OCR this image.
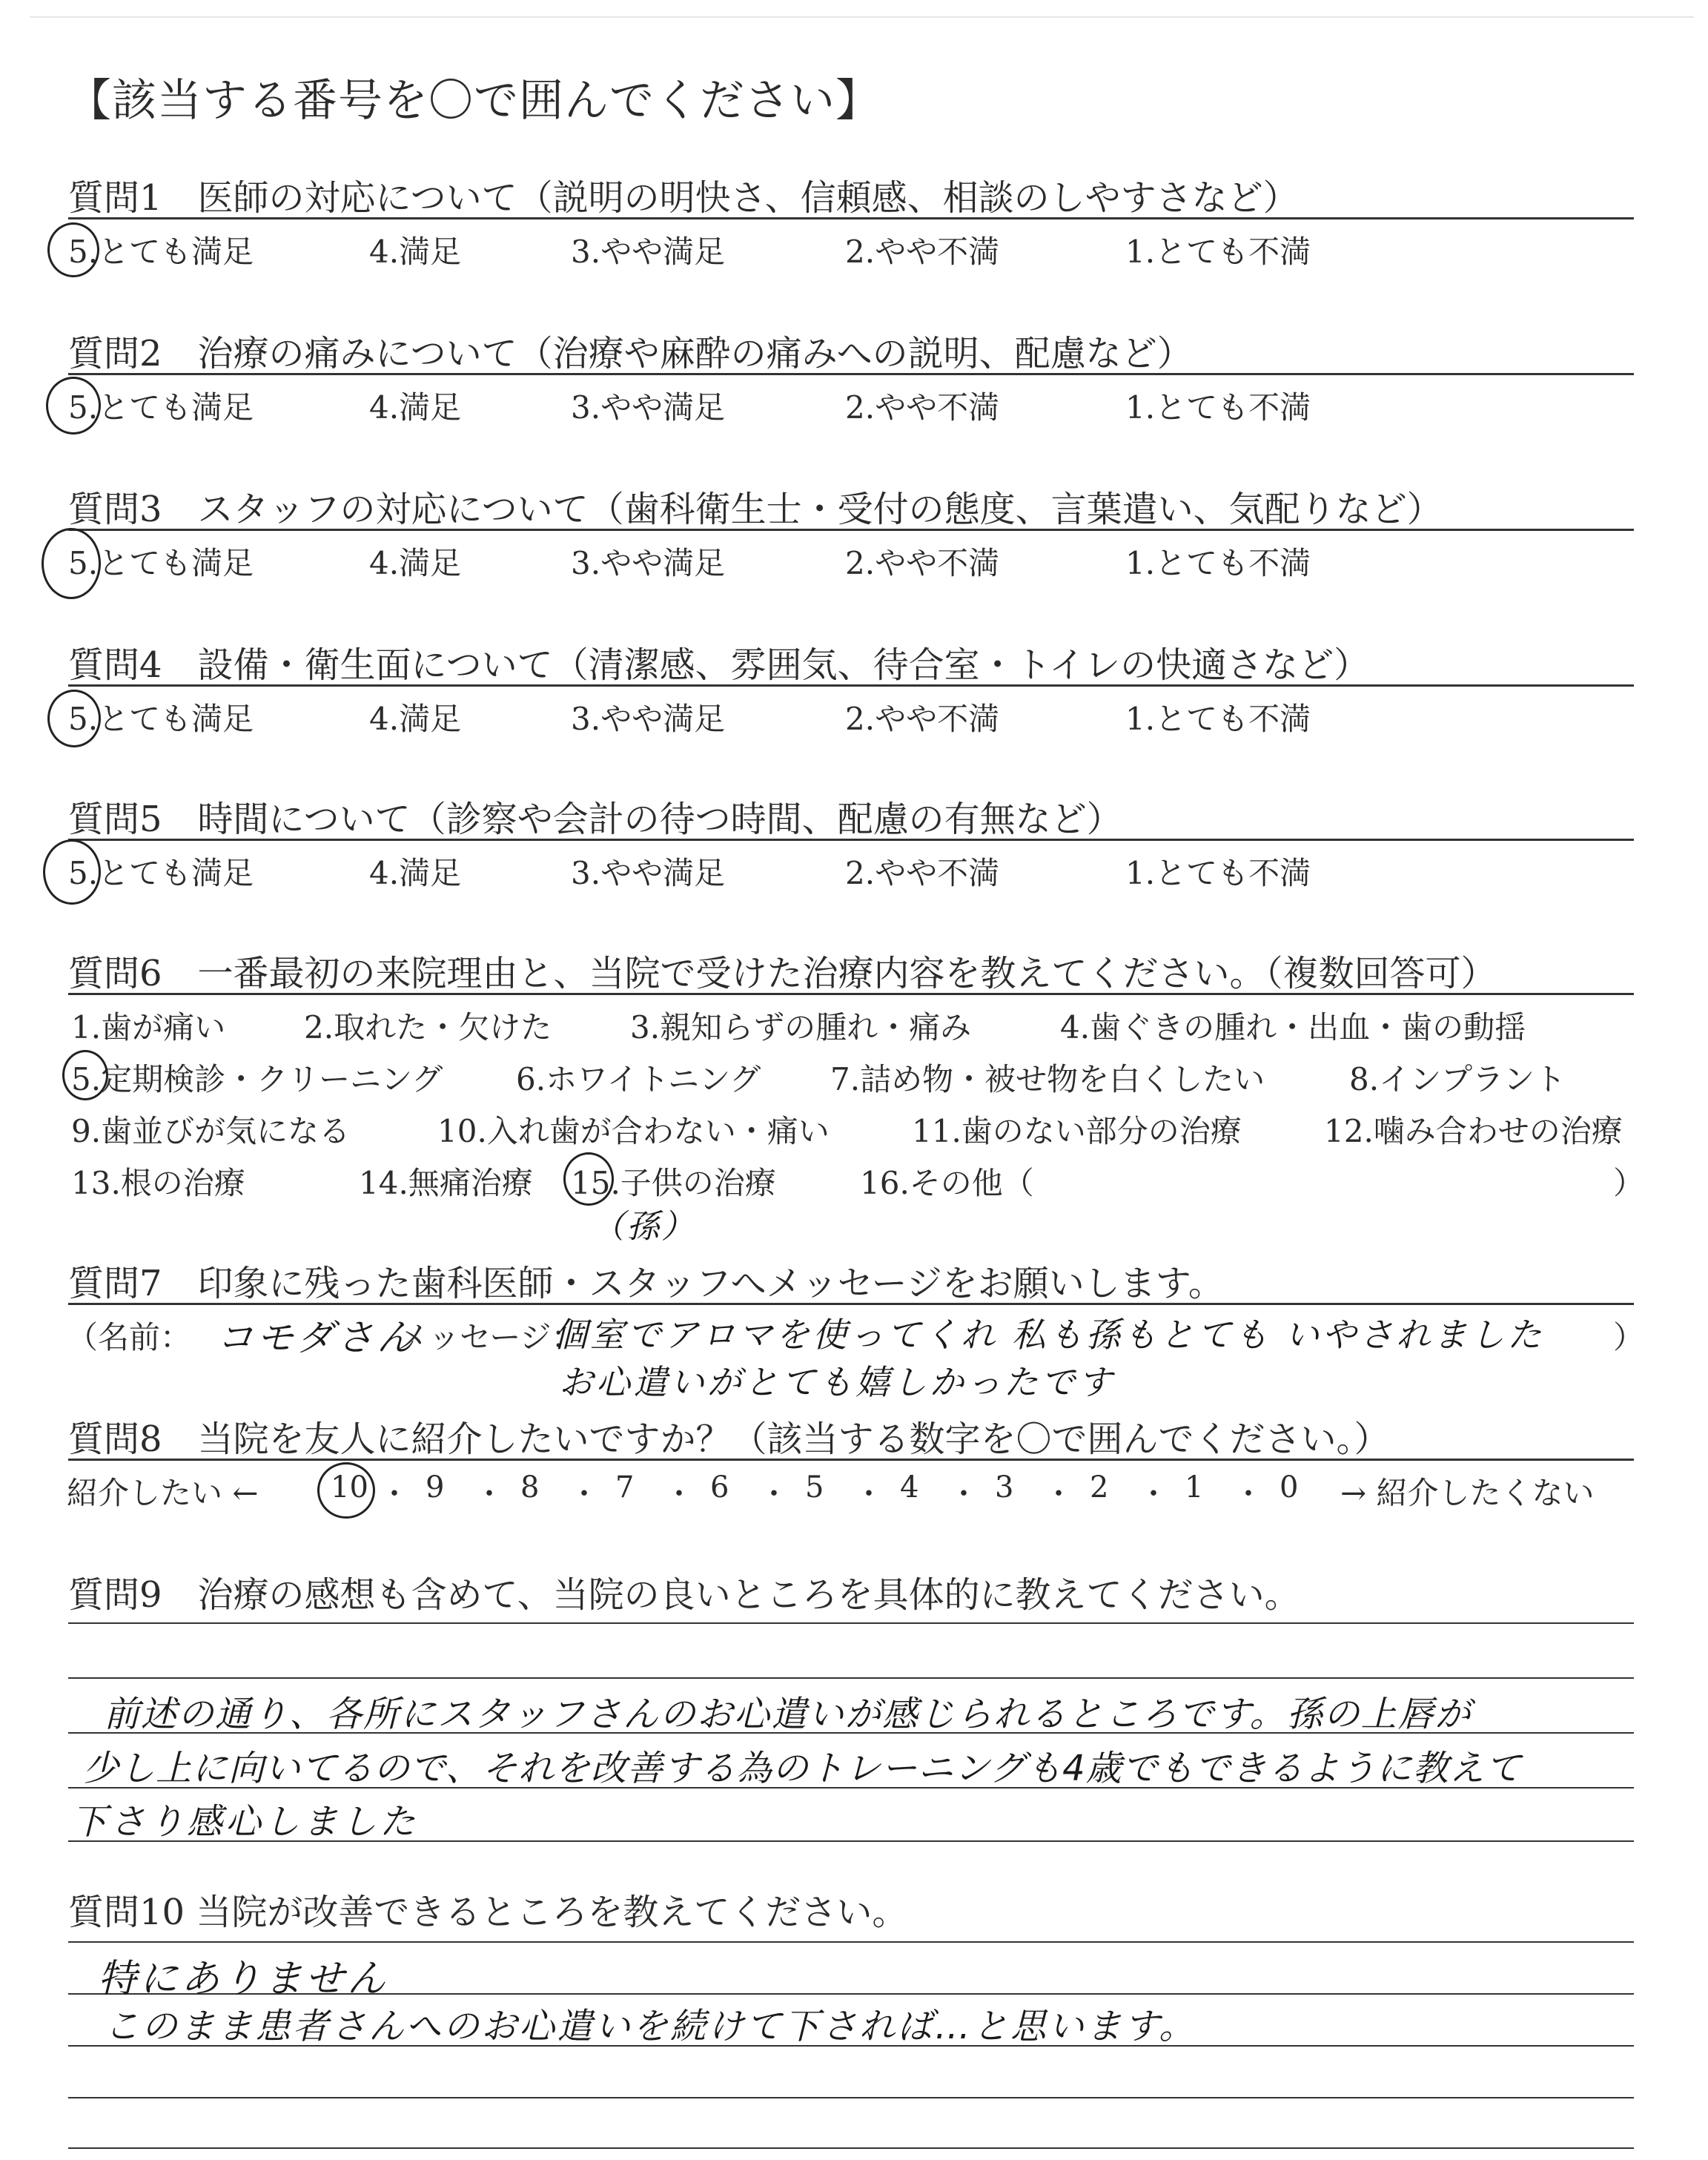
【該当する番号を〇で囲んでください】
質問1　医師の対応について（説明の明快さ、信頼感、相談のしやすさなど）
5.とても満足	4.満足	3.やや満足	2.やや不満	1.とても不満
質問2　治療の痛みについて（治療や麻酔の痛みへの説明、配慮など）
5.とても満足	4.満足	3.やや満足	2.やや不満	1.とても不満
質問3　スタッフの対応について（歯科衛生士・受付の態度、言葉遣い、気配りなど）
5.とても満足	4.満足	3.やや満足	2.やや不満	1.とても不満
質問4　設備・衛生面について（清潔感、雰囲気、待合室・トイレの快適さなど）
5.とても満足	4.満足	3.やや満足	2.やや不満	1.とても不満
質問5　時間について（診察や会計の待つ時間、配慮の有無など）
5.とても満足	4.満足	3.やや満足	2.やや不満	1.とても不満
質問6　一番最初の来院理由と、当院で受けた治療内容を教えてください。（複数回答可）
1.歯が痛い	2.取れた・欠けた	3.親知らずの腫れ・痛み	4.歯ぐきの腫れ・出血・歯の動揺
5.定期検診・クリーニング 6.ホワイトニング 7.詰め物・被せ物を白くしたい	8.インプラント
9.歯並びが気になる	10.入れ歯が合わない・痛い	11.歯のない部分の治療	12.噛み合わせの治療
13.根の治療	14.無痛治療 15.子供の治療	16.その他（	）
（孫）
質問7　印象に残った歯科医師・スタッフへメッセージをお願いします。
（名前： コモダさん
メッセージ：
個室でアロマを使ってくれ 私も孫もとても いやされました ）
お心遣いがとても嬉しかったです
質問8　当院を友人に紹介したいですか？（該当する数字を〇で囲んでください。）
紹介したい ←	→ 紹介したくない
10 ・ 9 ・ 8 ・ 7 ・ 6 ・ 5 ・ 4 ・ 3 ・ 2 ・ 1 ・ 0
質問9　治療の感想も含めて、当院の良いところを具体的に教えてください。
前述の通り、各所にスタッフさんのお心遣いが感じられるところです。孫の上唇が
少し上に向いてるので、それを改善する為のトレーニングも4歳でもできるように教えて
下さり感心しました
質問10 当院が改善できるところを教えてください。
特にありません
このまま患者さんへのお心遣いを続けて下されば…と思います。
